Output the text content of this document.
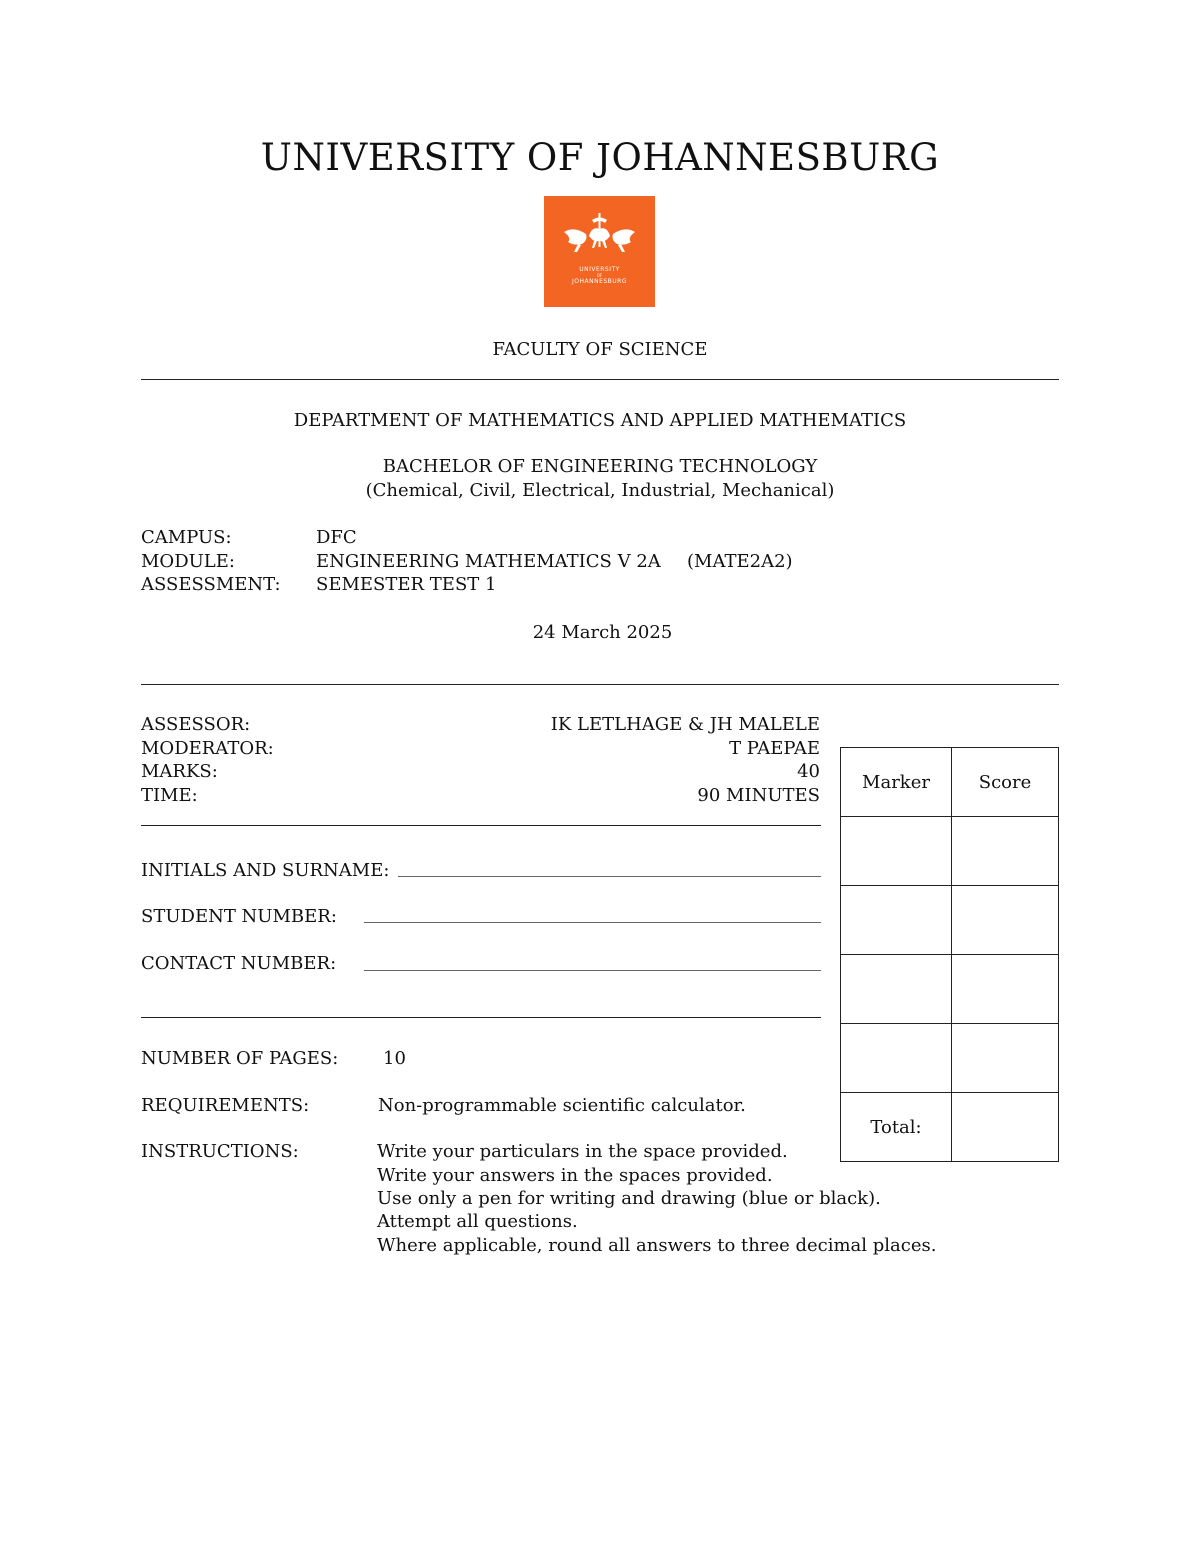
UNIVERSITY OF JOHANNESBURG
UNIVERSITY
OF
JOHANNESBURG
FACULTY OF SCIENCE
DEPARTMENT OF MATHEMATICS AND APPLIED MATHEMATICS
BACHELOR OF ENGINEERING TECHNOLOGY
(Chemical, Civil, Electrical, Industrial, Mechanical)
CAMPUS:	DFC
MODULE:	ENGINEERING MATHEMATICS V 2A (MATE2A2)
ASSESSMENT: SEMESTER TEST 1
24 March 2025
ASSESSOR:	IK LETLHAGE & JH MALELE
MODERATOR:	T PAEPAE
MARKS:	40
TIME:	90 MINUTES
INITIALS AND SURNAME:
STUDENT NUMBER:
CONTACT NUMBER:
NUMBER OF PAGES: 10
REQUIREMENTS:	Non-programmable scientific calculator.
INSTRUCTIONS:	Write your particulars in the space provided.
Write your answers in the spaces provided.
Use only a pen for writing and drawing (blue or black).
Attempt all questions.
Where applicable, round all answers to three decimal places.
Marker	Score

Total:	
